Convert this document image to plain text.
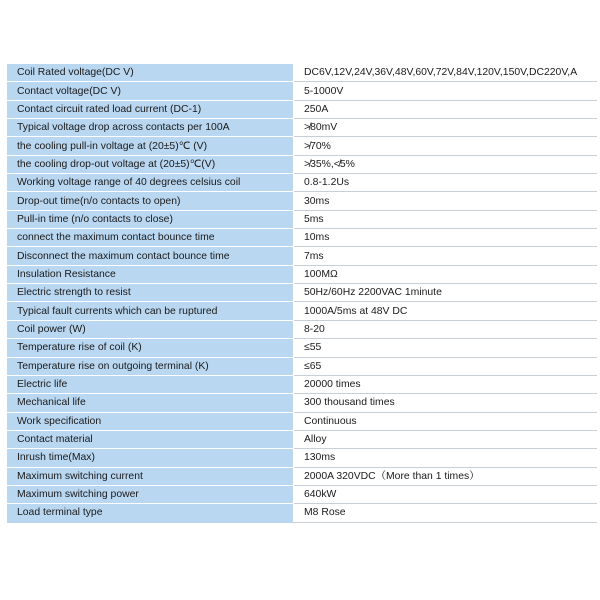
Coil Rated voltage(DC V)	DC6V,12V,24V,36V,48V,60V,72V,84V,120V,150V,DC220V,A
Contact voltage(DC V)	5-1000V
Contact circuit rated load current (DC-1)	250A
Typical voltage drop across contacts per 100A	≯80mV
the cooling pull-in voltage at (20±5)℃ (V)	≯70%
the cooling drop-out voltage at (20±5)℃(V)	≯35%,≮5%
Working voltage range of 40 degrees celsius coil	0.8-1.2Us
Drop-out time(n/o contacts to open)	30ms
Pull-in time (n/o contacts to close)	5ms
connect the maximum contact bounce time	10ms
Disconnect the maximum contact bounce time	7ms
Insulation Resistance	100MΩ
Electric strength to resist	50Hz/60Hz 2200VAC 1minute
Typical fault currents which can be ruptured	1000A/5ms at 48V DC
Coil power (W)	8-20
Temperature rise of coil (K)	≤55
Temperature rise on outgoing terminal (K)	≤65
Electric life	20000 times
Mechanical life	300 thousand times
Work specification	Continuous
Contact material	Alloy
Inrush time(Max)	130ms
Maximum switching current	2000A 320VDC（More than 1 times）
Maximum switching power	640kW
Load terminal type	M8 Rose
